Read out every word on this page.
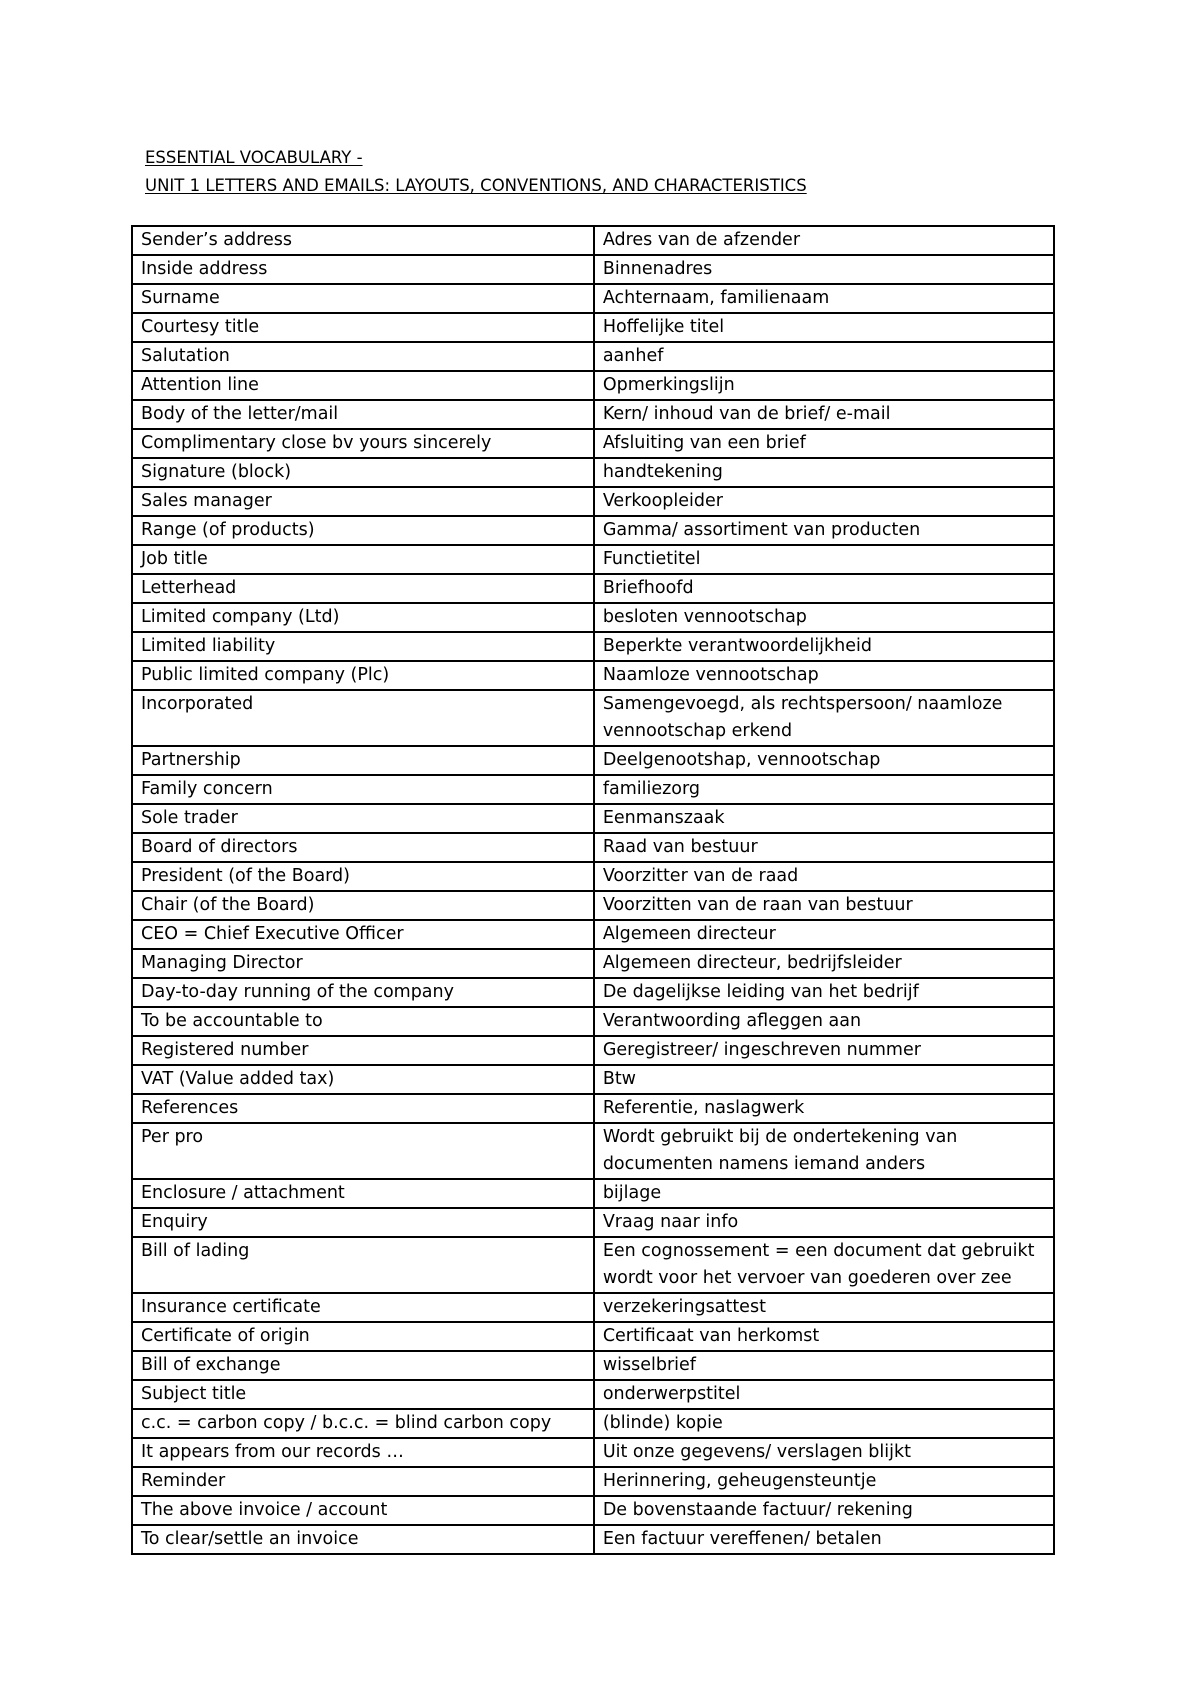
ESSENTIAL VOCABULARY -
UNIT 1 LETTERS AND EMAILS: LAYOUTS, CONVENTIONS, AND CHARACTERISTICS
Sender’s address	Adres van de afzender
Inside address	Binnenadres
Surname	Achternaam, familienaam
Courtesy title	Hoffelijke titel
Salutation	aanhef
Attention line	Opmerkingslijn
Body of the letter/mail	Kern/ inhoud van de brief/ e-mail
Complimentary close bv yours sincerely	Afsluiting van een brief
Signature (block)	handtekening
Sales manager	Verkoopleider
Range (of products)	Gamma/ assortiment van producten
Job title	Functietitel
Letterhead	Briefhoofd
Limited company (Ltd)	besloten vennootschap
Limited liability	Beperkte verantwoordelijkheid
Public limited company (Plc)	Naamloze vennootschap
Incorporated	Samengevoegd, als rechtspersoon/ naamloze vennootschap erkend
Partnership	Deelgenootshap, vennootschap
Family concern	familiezorg
Sole trader	Eenmanszaak
Board of directors	Raad van bestuur
President (of the Board)	Voorzitter van de raad
Chair (of the Board)	Voorzitten van de raan van bestuur
CEO = Chief Executive Officer	Algemeen directeur
Managing Director	Algemeen directeur, bedrijfsleider
Day-to-day running of the company	De dagelijkse leiding van het bedrijf
To be accountable to	Verantwoording afleggen aan
Registered number	Geregistreer/ ingeschreven nummer
VAT (Value added tax)	Btw
References	Referentie, naslagwerk
Per pro	Wordt gebruikt bij de ondertekening van documenten namens iemand anders
Enclosure / attachment	bijlage
Enquiry	Vraag naar info
Bill of lading	Een cognossement = een document dat gebruikt wordt voor het vervoer van goederen over zee
Insurance certificate	verzekeringsattest
Certificate of origin	Certificaat van herkomst
Bill of exchange	wisselbrief
Subject title	onderwerpstitel
c.c. = carbon copy / b.c.c. = blind carbon copy	(blinde) kopie
It appears from our records …	Uit onze gegevens/ verslagen blijkt
Reminder	Herinnering, geheugensteuntje
The above invoice / account	De bovenstaande factuur/ rekening
To clear/settle an invoice	Een factuur vereffenen/ betalen
